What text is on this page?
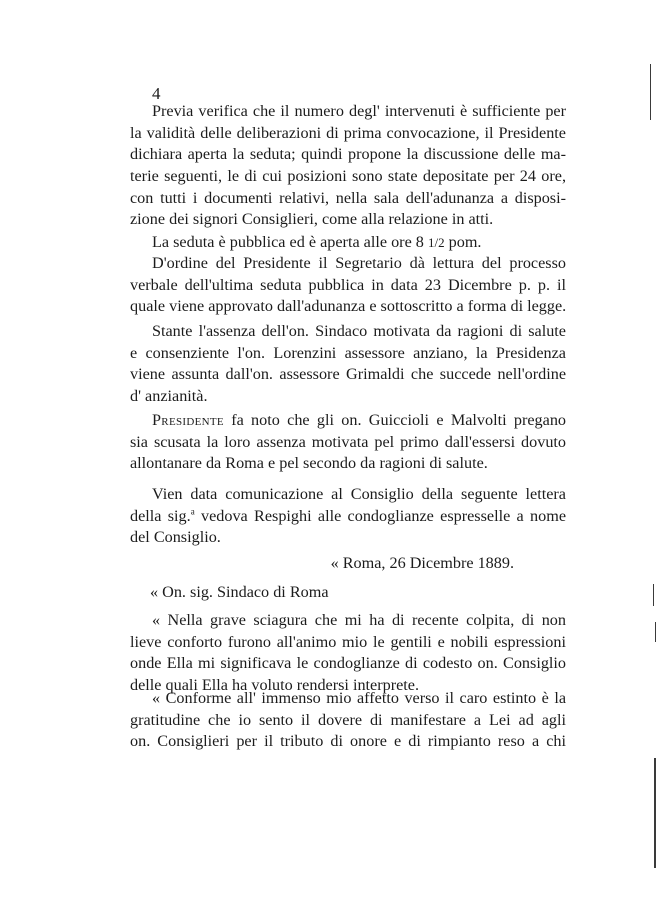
4
Previa verifica che il numero degl' intervenuti è sufficiente per
la validità delle deliberazioni di prima convocazione, il Presidente
dichiara aperta la seduta; quindi propone la discussione delle ma-
terie seguenti, le di cui posizioni sono state depositate per 24 ore,
con tutti i documenti relativi, nella sala dell'adunanza a disposi-
zione dei signori Consiglieri, come alla relazione in atti.
La seduta è pubblica ed è aperta alle ore 8 1/2 pom.
D'ordine del Presidente il Segretario dà lettura del processo
verbale dell'ultima seduta pubblica in data 23 Dicembre p. p. il
quale viene approvato dall'adunanza e sottoscritto a forma di legge.
Stante l'assenza dell'on. Sindaco motivata da ragioni di salute
e consenziente l'on. Lorenzini assessore anziano, la Presidenza
viene assunta dall'on. assessore Grimaldi che succede nell'ordine
d' anzianità.
Presidente fa noto che gli on. Guiccioli e Malvolti pregano
sia scusata la loro assenza motivata pel primo dall'essersi dovuto
allontanare da Roma e pel secondo da ragioni di salute.
Vien data comunicazione al Consiglio della seguente lettera
della sig.$^a$ vedova Respighi alle condoglianze espresselle a nome
del Consiglio.
« Roma, 26 Dicembre 1889.
« On. sig. Sindaco di Roma
« Nella grave sciagura che mi ha di recente colpita, di non
lieve conforto furono all'animo mio le gentili e nobili espressioni
onde Ella mi significava le condoglianze di codesto on. Consiglio
delle quali Ella ha voluto rendersi interprete.
« Conforme all' immenso mio affetto verso il caro estinto è la
gratitudine che io sento il dovere di manifestare a Lei ad agli
on. Consiglieri per il tributo di onore e di rimpianto reso a chi
